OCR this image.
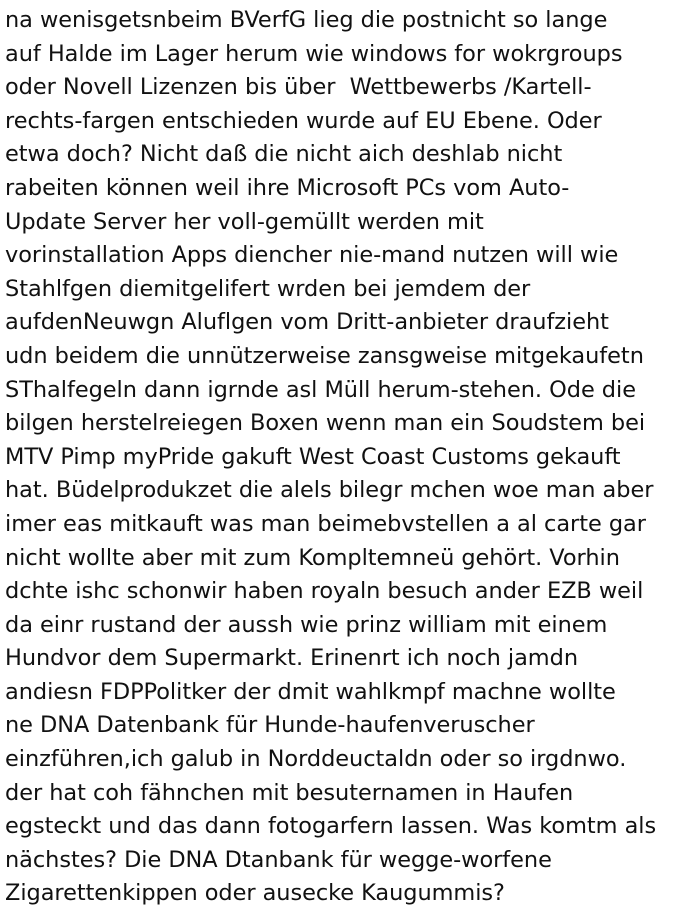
na wenisgetsnbeim BVerfG lieg die postnicht so lange
auf Halde im Lager herum wie windows for wokrgroups
oder Novell Lizenzen bis über  Wettbewerbs /Kartell-
rechts-fargen entschieden wurde auf EU Ebene. Oder
etwa doch? Nicht daß die nicht aich deshlab nicht
rabeiten können weil ihre Microsoft PCs vom Auto-
Update Server her voll-gemüllt werden mit
vorinstallation Apps diencher nie-mand nutzen will wie
Stahlfgen diemitgelifert wrden bei jemdem der
aufdenNeuwgn Aluflgen vom Dritt-anbieter draufzieht
udn beidem die unnützerweise zansgweise mitgekaufetn
SThalfegeln dann igrnde asl Müll herum-stehen. Ode die
bilgen herstelreiegen Boxen wenn man ein Soudstem bei
MTV Pimp myPride gakuft West Coast Customs gekauft
hat. Büdelprodukzet die alels bilegr mchen woe man aber
imer eas mitkauft was man beimebvstellen a al carte gar
nicht wollte aber mit zum Kompltemneü gehört. Vorhin
dchte ishc schonwir haben royaln besuch ander EZB weil
da einr rustand der aussh wie prinz william mit einem
Hundvor dem Supermarkt. Erinenrt ich noch jamdn
andiesn FDPPolitker der dmit wahlkmpf machne wollte
ne DNA Datenbank für Hunde-haufenveruscher
einzführen,ich galub in Norddeuctaldn oder so irgdnwo.
der hat coh fähnchen mit besuternamen in Haufen
egsteckt und das dann fotogarfern lassen. Was komtm als
nächstes? Die DNA Dtanbank für wegge-worfene
Zigarettenkippen oder ausecke Kaugummis?
